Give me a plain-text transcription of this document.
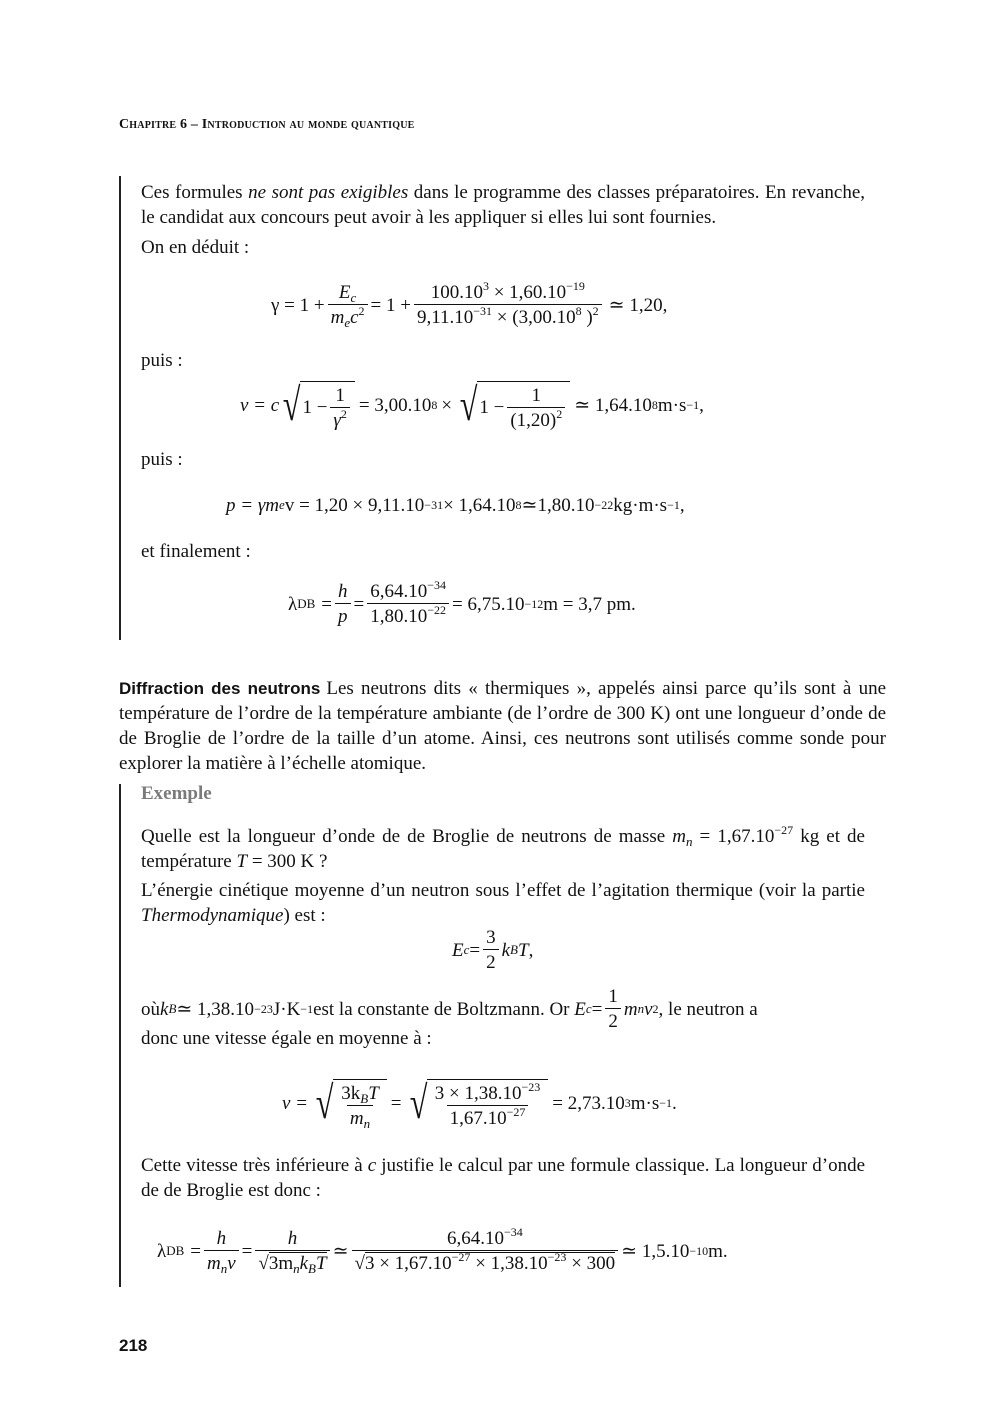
Chapitre 6 – Introduction au monde quantique
Ces formules ne sont pas exigibles dans le programme des classes préparatoires. En revanche, le candidat aux concours peut avoir à les appliquer si elles lui sont fournies.
On en déduit :
$\gamma = 1 + \frac{E_c}{m_ec^2} = 1 + \frac{100.10^3 \times 1,60.10^{-19}}{9,11.10^{-31} \times (3,00.10^8 )^2}$ ≃ 1,20,
puis :
v = c √ $1 - \frac{1}{\gamma^2} = 3,00.10$ 8 × √ $1 - \frac{1}{(1,20)^2}$ ≃ 1,64.10 8 m·s −1 ,
puis :
p = γm e v = 1,20 × 9,11.10 −31 × 1,64.10 8 ≃1,80.10 −22 kg·m·s −1 ,
et finalement :
λ DB = $\frac{h}{p} = \frac{6,64.10^{-34}}{1,80.10^{-22}} = 6,75.10 -12$ m = 3,7 pm.
Diffraction des neutrons Les neutrons dits « thermiques », appelés ainsi parce qu’ils sont à une température de l’ordre de la température ambiante (de l’ordre de 300 K) ont une longueur d’onde de de Broglie de l’ordre de la taille d’un atome. Ainsi, ces neutrons sont utilisés comme sonde pour explorer la matière à l’échelle atomique.
Exemple
Quelle est la longueur d’onde de de Broglie de neutrons de masse $m_n = 1,67.10^{-27}$ kg et de température T = 300 K ?
L’énergie cinétique moyenne d’un neutron sous l’effet de l’agitation thermique (voir la partie Thermodynamique) est :
E $c = \frac{3}{2}$ k B T ,
où k B ≃ 1,38.10 −23 J·K −1 est la constante de Boltzmann. Or
E $c = \frac{1}{2}$ m n v 2 , le neutron a
donc une vitesse égale en moyenne à :
v = √ $\frac{3k_BT}{m_n}$ = √ $\frac{3 \times 1,38.10^{-23}}{1,67.10^{-27}} = 2,73.10$ 3 m·s −1 .
Cette vitesse très inférieure à c justifie le calcul par une formule classique. La longueur d’onde de de Broglie est donc :
λ DB = $\frac{h}{m_nv} = \frac{h}{√3m_nk_BT}$ ≃ $\frac{6,64.10^{-34}}{√3 \times 1,67.10^{-27} \times 1,38.10^{-23} \times 300}$ ≃ 1,5.10 −10 m.
218
